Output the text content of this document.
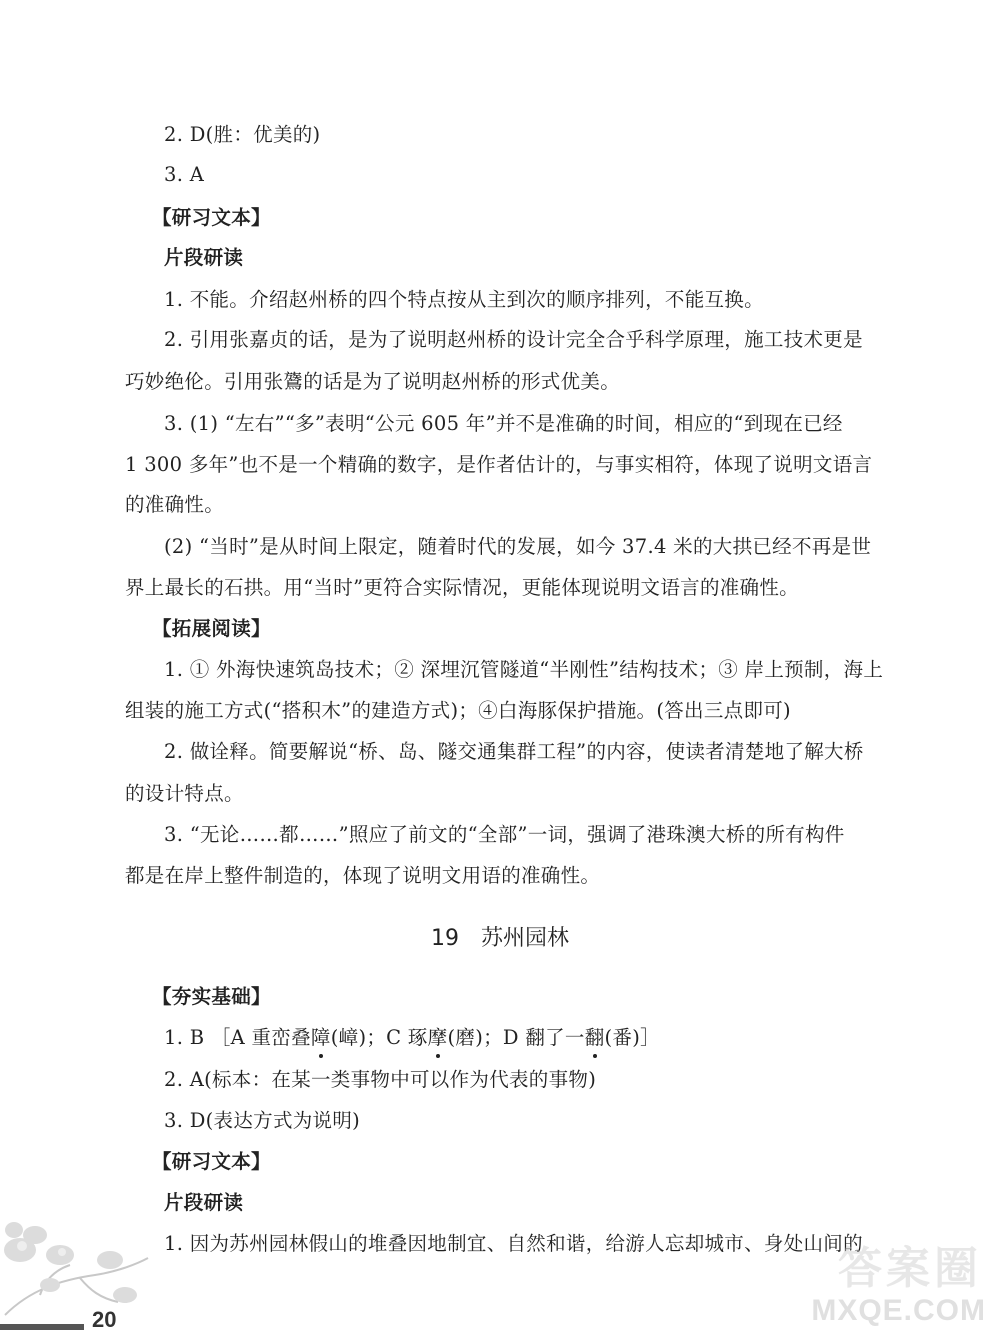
2. D(胜：优美的)
3. A
【研习文本】
片段研读
1. 不能。介绍赵州桥的四个特点按从主到次的顺序排列，不能互换。
2. 引用张嘉贞的话，是为了说明赵州桥的设计完全合乎科学原理，施工技术更是
巧妙绝伦。引用张鷟的话是为了说明赵州桥的形式优美。
3. (1) “左右”“多”表明“公元 605 年”并不是准确的时间，相应的“到现在已经
1 300 多年”也不是一个精确的数字，是作者估计的，与事实相符，体现了说明文语言
的准确性。
(2) “当时”是从时间上限定，随着时代的发展，如今 37.4 米的大拱已经不再是世
界上最长的石拱。用“当时”更符合实际情况，更能体现说明文语言的准确性。
【拓展阅读】
1. ① 外海快速筑岛技术；② 深埋沉管隧道“半刚性”结构技术；③ 岸上预制，海上
组装的施工方式(“搭积木”的建造方式)；④白海豚保护措施。(答出三点即可)
2. 做诠释。简要解说“桥、岛、隧交通集群工程”的内容，使读者清楚地了解大桥
的设计特点。
3. “无论……都……”照应了前文的“全部”一词，强调了港珠澳大桥的所有构件
都是在岸上整件制造的，体现了说明文用语的准确性。
19 苏州园林
【夯实基础】
1. B ［A 重峦叠障(嶂)；C 琢摩(磨)；D 翻了一翻(番)］
2. A(标本：在某一类事物中可以作为代表的事物)
3. D(表达方式为说明)
【研习文本】
片段研读
1. 因为苏州园林假山的堆叠因地制宜、自然和谐，给游人忘却城市、身处山间的
20
答案圈
MXQE.COM
